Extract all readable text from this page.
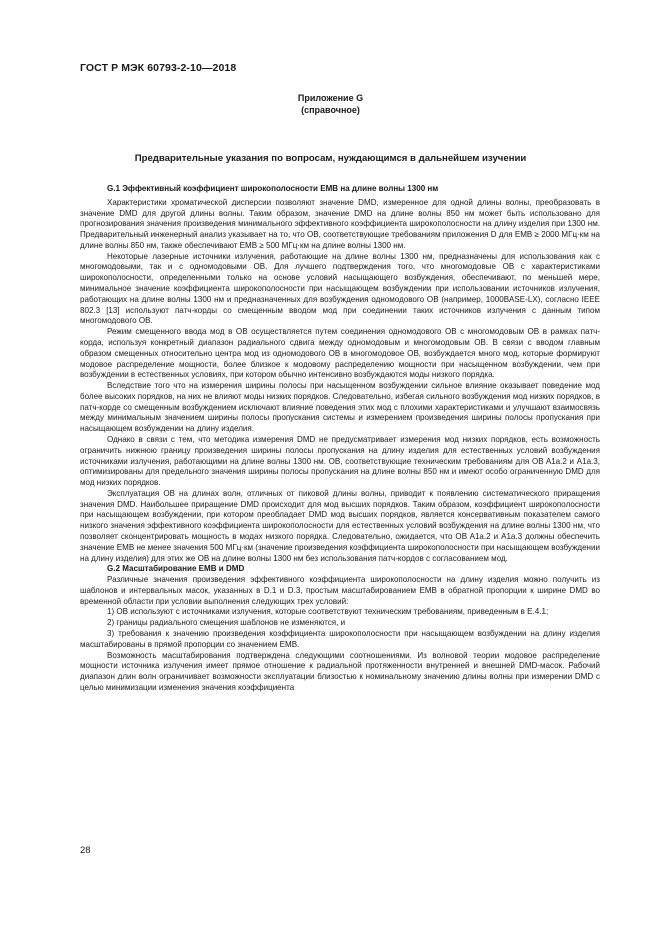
ГОСТ Р МЭК 60793-2-10—2018
Приложение G
(справочное)
Предварительные указания по вопросам, нуждающимся в дальнейшем изучении
G.1 Эффективный коэффициент широкополосности EMB на длине волны 1300 нм

Характеристики хроматической дисперсии позволяют значение DMD, измеренное для одной длины волны, преобразовать в значение DMD для другой длины волны. Таким образом, значение DMD на длине волны 850 нм может быть использовано для прогнозирования значения произведения минимального эффективного коэффициента широкополосности на длину изделия при 1300 нм. Предварительный инженерный анализ указывает на то, что OB, соответствующие требованиям приложения D для EMB ≥ 2000 МГц·км на длине волны 850 нм, также обеспечивают EMB ≥ 500 МГц·км на длине волны 1300 нм.

Некоторые лазерные источники излучения, работающие на длине волны 1300 нм, предназначены для использования как с многомодовыми, так и с одномодовыми OB. Для лучшего подтверждения того, что многомодовые OB с характеристиками широкополосности, определенными только на основе условий насыщающего возбуждения, обеспечивают, по меньшей мере, минимальное значение коэффициента широкополосности при насыщающем возбуждении при использовании источников излучения, работающих на длине волны 1300 нм и предназначенных для возбуждения одномодового OB (например, 1000BASE-LX), согласно IEEE 802.3 [13] используют патч-корды со смещенным вводом мод при соединении таких источников излучения с данным типом многомодового OB.

Режим смещенного ввода мод в OB осуществляется путем соединения одномодового OB с многомодовым OB в рамках патч-корда, используя конкретный диапазон радиального сдвига между одномодовым и многомодовым OB. В связи с вводом главным образом смещенных относительно центра мод из одномодового OB в многомодовое OB, возбуждается много мод, которые формируют модовое распределение мощности, более близкое к модовому распределению мощности при насыщенном возбуждении, чем при возбуждении в естественных условиях, при котором обычно интенсивно возбуждаются моды низкого порядка.

Вследствие того что на измерения ширины полосы при насыщенном возбуждении сильное влияние оказывает поведение мод более высоких порядков, на них не влияют моды низких порядков. Следовательно, избегая сильного возбуждения мод низких порядков, в патч-корде со смещенным возбуждением исключают влияние поведения этих мод с плохими характеристиками и улучшают взаимосвязь между минимальным значением ширины полосы пропускания системы и измерением произведения ширины полосы пропускания при насыщающем возбуждении на длину изделия.

Однако в связи с тем, что методика измерения DMD не предусматривает измерения мод низких порядков, есть возможность ограничить нижнюю границу произведения ширины полосы пропускания на длину изделия для естественных условий возбуждения источниками излучения, работающими на длине волны 1300 нм. OB, соответствующие техническим требованиям для OB A1a.2 и A1a.3, оптимизированы для предельного значения ширины полосы пропускания на длине волны 850 нм и имеют особо ограниченную DMD для мод низких порядков.

Эксплуатация OB на длинах волн, отличных от пиковой длины волны, приводит к появлению систематического приращения значения DMD. Наибольшее приращение DMD происходит для мод высших порядков. Таким образом, коэффициент широкополосности при насыщающем возбуждении, при котором преобладает DMD мод высших порядков, является консервативным показателем самого низкого значения эффективного коэффициента широкополосности для естественных условий возбуждения на длине волны 1300 нм, что позволяет сконцентрировать мощность в модах низкого порядка. Следовательно, ожидается, что OB A1a.2 и A1a.3 должны обеспечить значение EMB не менее значения 500 МГц·км (значение произведения коэффициента широкополосности при насыщающем возбуждении на длину изделия) для этих же OB на длине волны 1300 нм без использования патч-кордов с согласованием мод.

G.2 Масштабирование EMB и DMD

Различные значения произведения эффективного коэффициента широкополосности на длину изделия можно получить из шаблонов и интервальных масок, указанных в D.1 и D.3, простым масштабированием EMB в обратной пропорции к ширине DMD во временной области при условии выполнения следующих трех условий:

1) OB используют с источниками излучения, которые соответствуют техническим требованиям, приведенным в Е.4.1;

2) границы радиального смещения шаблонов не изменяются, и

3) требования к значению произведения коэффициента широкополосности при насыщающем возбуждении на длину изделия масштабированы в прямой пропорции со значением EMB.

Возможность масштабирования подтверждена следующими соотношениями. Из волновой теории модовое распределение мощности источника излучения имеет прямое отношение к радиальной протяженности внутренней и внешней DMD-масок. Рабочий диапазон длин волн ограничивает возможности эксплуатации близостью к номинальному значению длины волны при измерении DMD с целью минимизации изменения значения коэффициента

28
